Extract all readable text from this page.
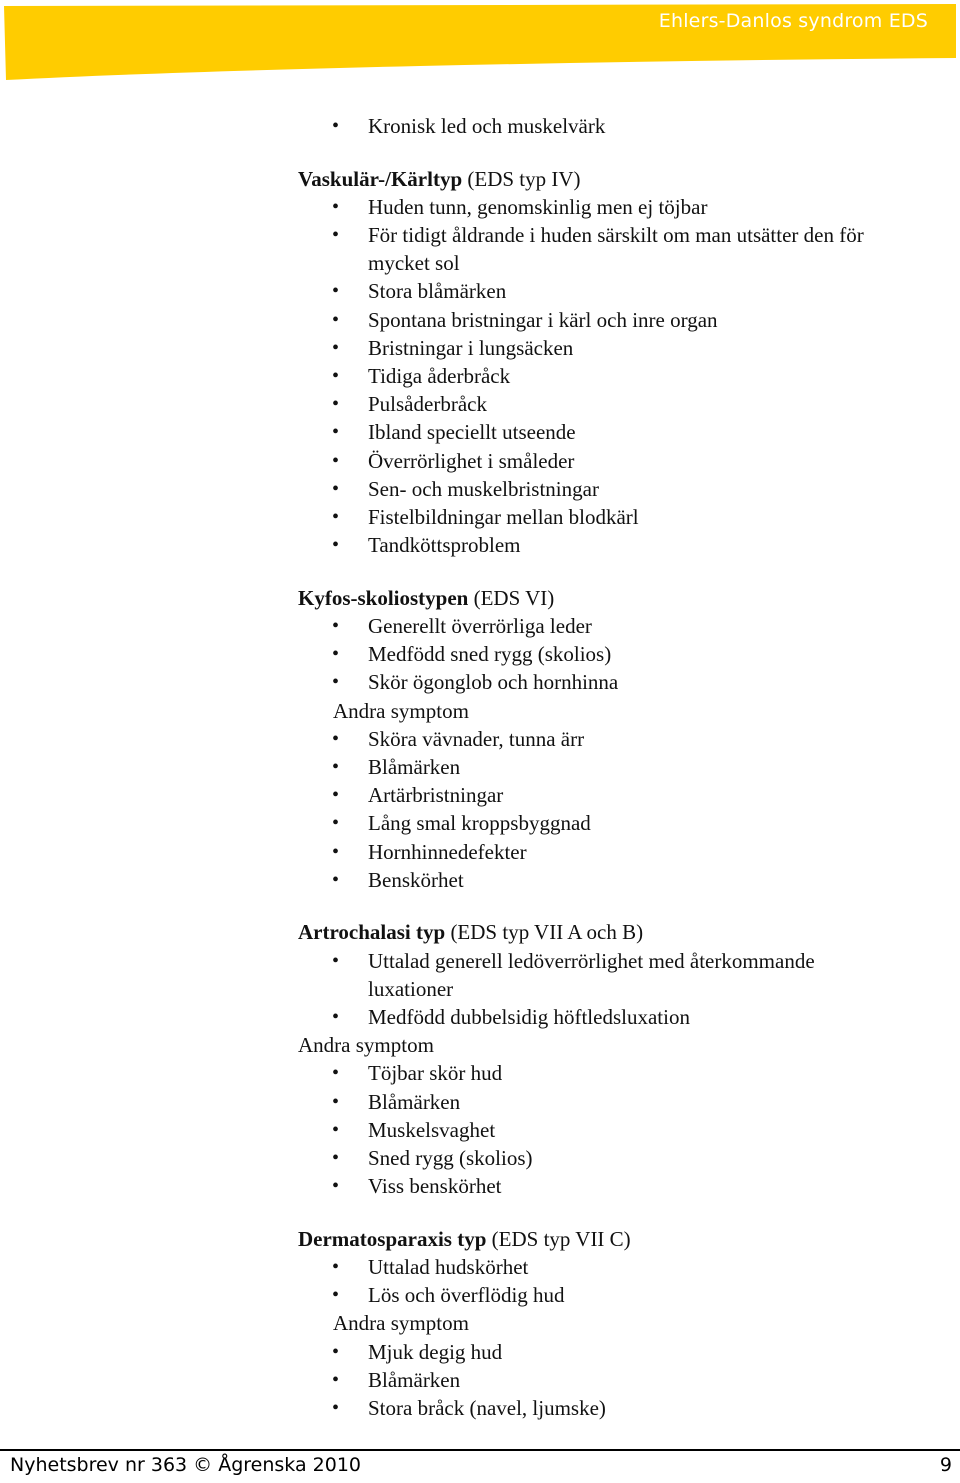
Ehlers-Danlos syndrom EDS
• Kronisk led och muskelvärk
Vaskulär-/Kärltyp (EDS typ IV)
• Huden tunn, genomskinlig men ej töjbar
• För tidigt åldrande i huden särskilt om man utsätter den för
mycket sol
• Stora blåmärken
• Spontana bristningar i kärl och inre organ
• Bristningar i lungsäcken
• Tidiga åderbråck
• Pulsåderbråck
• Ibland speciellt utseende
• Överrörlighet i småleder
• Sen- och muskelbristningar
• Fistelbildningar mellan blodkärl
• Tandköttsproblem
Kyfos-skoliostypen (EDS VI)
• Generellt överrörliga leder
• Medfödd sned rygg (skolios)
• Skör ögonglob och hornhinna
Andra symptom
• Sköra vävnader, tunna ärr
• Blåmärken
• Artärbristningar
• Lång smal kroppsbyggnad
• Hornhinnedefekter
• Benskörhet
Artrochalasi typ (EDS typ VII A och B)
• Uttalad generell ledöverrörlighet med återkommande
luxationer
• Medfödd dubbelsidig höftledsluxation
Andra symptom
• Töjbar skör hud
• Blåmärken
• Muskelsvaghet
• Sned rygg (skolios)
• Viss benskörhet
Dermatosparaxis typ (EDS typ VII C)
• Uttalad hudskörhet
• Lös och överflödig hud
Andra symptom
• Mjuk degig hud
• Blåmärken
• Stora bråck (navel, ljumske)
Nyhetsbrev nr 363 © Ågrenska 2010	9
